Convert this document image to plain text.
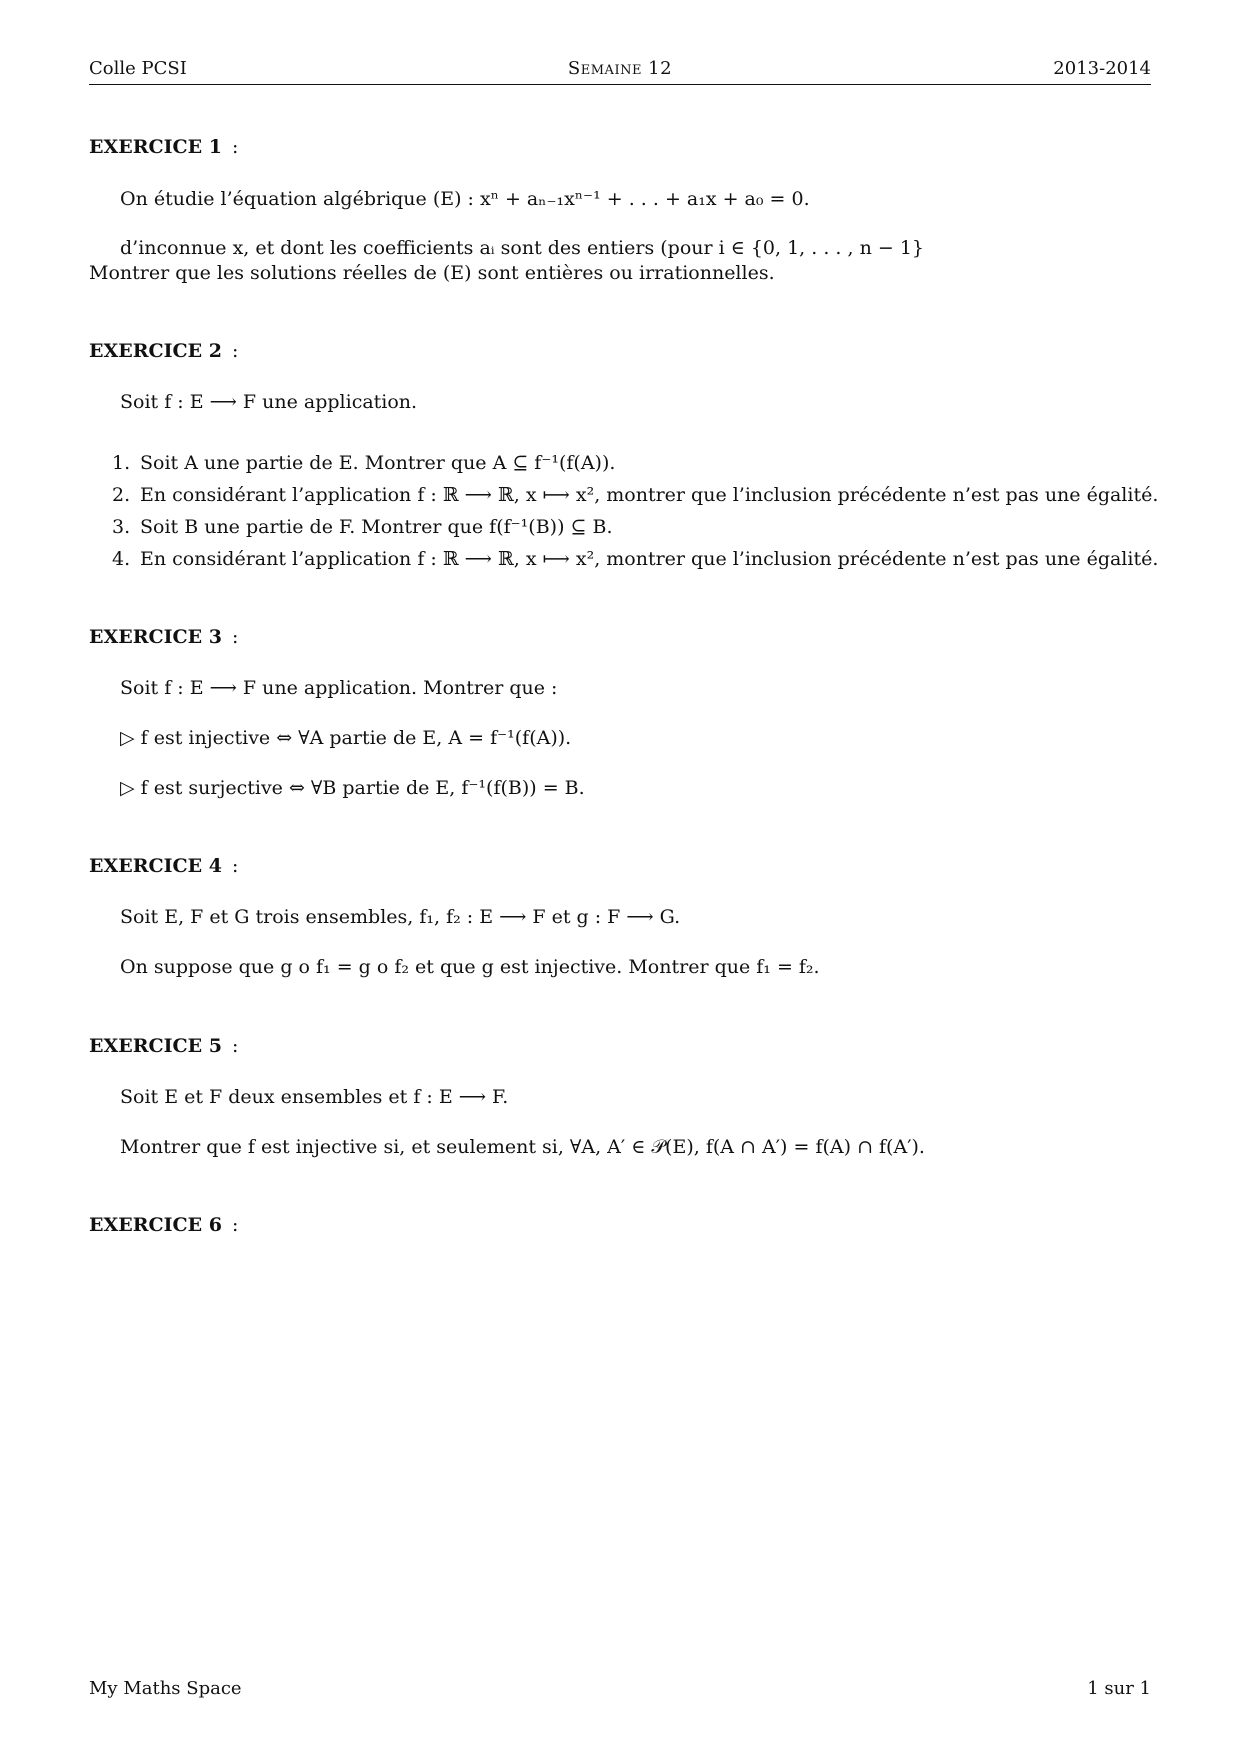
Colle PCSI	Semaine 12	2013-2014
EXERCICE 1 :
On étudie l’équation algébrique (E) : xⁿ + aₙ₋₁xⁿ⁻¹ + . . . + a₁x + a₀ = 0.
d’inconnue x, et dont les coefficients aᵢ sont des entiers (pour i ∈ {0, 1, . . . , n − 1}
Montrer que les solutions réelles de (E) sont entières ou irrationnelles.
EXERCICE 2 :
Soit f : E ⟶ F une application.
1. Soit A une partie de E. Montrer que A ⊆ f⁻¹(f(A)).
2. En considérant l’application f : ℝ ⟶ ℝ, x ⟼ x², montrer que l’inclusion précédente n’est pas une égalité.
3. Soit B une partie de F. Montrer que f(f⁻¹(B)) ⊆ B.
4. En considérant l’application f : ℝ ⟶ ℝ, x ⟼ x², montrer que l’inclusion précédente n’est pas une égalité.
EXERCICE 3 :
Soit f : E ⟶ F une application. Montrer que :
▷ f est injective ⇔ ∀A partie de E, A = f⁻¹(f(A)).
▷ f est surjective ⇔ ∀B partie de E, f⁻¹(f(B)) = B.
EXERCICE 4 :
Soit E, F et G trois ensembles, f₁, f₂ : E ⟶ F et g : F ⟶ G.
On suppose que g o f₁ = g o f₂ et que g est injective. Montrer que f₁ = f₂.
EXERCICE 5 :
Soit E et F deux ensembles et f : E ⟶ F.
Montrer que f est injective si, et seulement si, ∀A, A′ ∈ 𝒫(E), f(A ∩ A′) = f(A) ∩ f(A′).
EXERCICE 6 :
My Maths Space	1 sur 1
